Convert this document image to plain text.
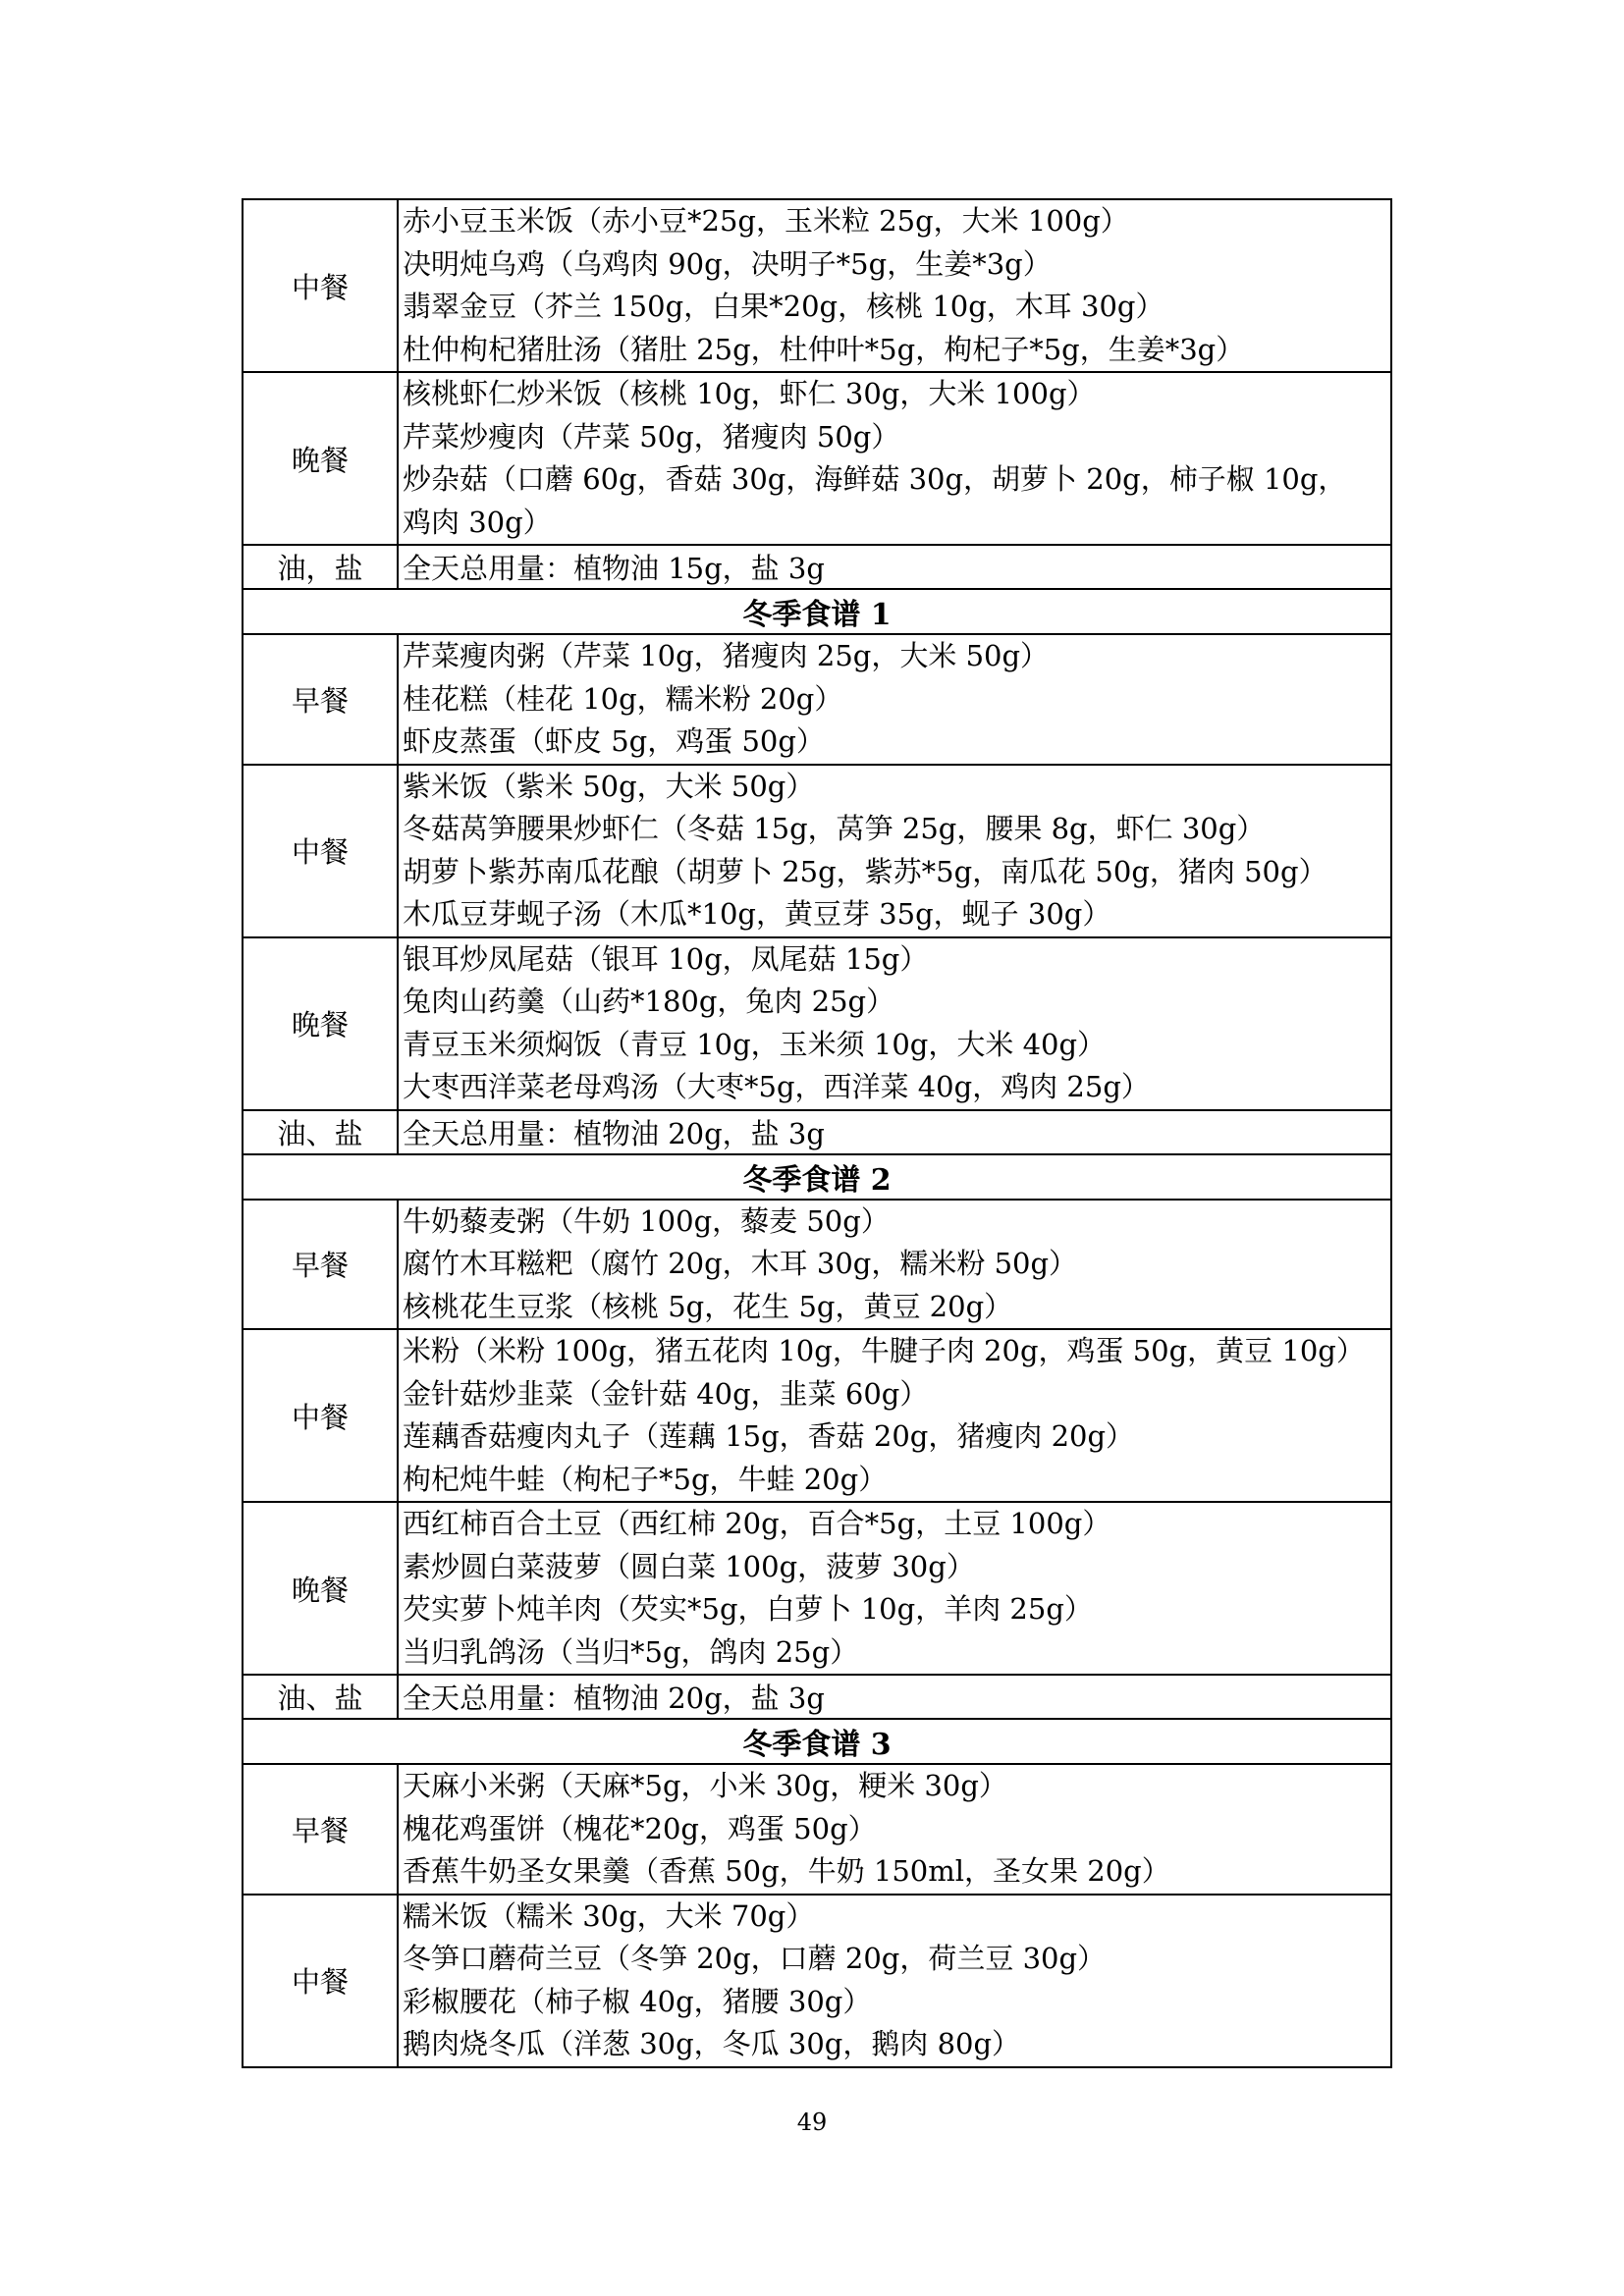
中餐	赤小豆玉米饭（赤小豆*25g，玉米粒 25g，大米 100g）
决明炖乌鸡（乌鸡肉 90g，决明子*5g，生姜*3g）
翡翠金豆（芥兰 150g，白果*20g，核桃 10g，木耳 30g）
杜仲枸杞猪肚汤（猪肚 25g，杜仲叶*5g，枸杞子*5g，生姜*3g）

晚餐	核桃虾仁炒米饭（核桃 10g，虾仁 30g，大米 100g）
芹菜炒瘦肉（芹菜 50g，猪瘦肉 50g）
炒杂菇（口蘑 60g，香菇 30g，海鲜菇 30g，胡萝卜 20g，柿子椒 10g，
鸡肉 30g）

油，盐	全天总用量：植物油 15g，盐 3g
冬季食谱 1	
早餐	芹菜瘦肉粥（芹菜 10g，猪瘦肉 25g，大米 50g）
桂花糕（桂花 10g，糯米粉 20g）
虾皮蒸蛋（虾皮 5g，鸡蛋 50g）

中餐	紫米饭（紫米 50g，大米 50g）
冬菇莴笋腰果炒虾仁（冬菇 15g，莴笋 25g，腰果 8g，虾仁 30g）
胡萝卜紫苏南瓜花酿（胡萝卜 25g，紫苏*5g，南瓜花 50g，猪肉 50g）
木瓜豆芽蚬子汤（木瓜*10g，黄豆芽 35g，蚬子 30g）

晚餐	银耳炒凤尾菇（银耳 10g，凤尾菇 15g）
兔肉山药羹（山药*180g，兔肉 25g）
青豆玉米须焖饭（青豆 10g，玉米须 10g，大米 40g）
大枣西洋菜老母鸡汤（大枣*5g，西洋菜 40g，鸡肉 25g）

油、盐	全天总用量：植物油 20g，盐 3g
冬季食谱 2	
早餐	牛奶藜麦粥（牛奶 100g，藜麦 50g）
腐竹木耳糍粑（腐竹 20g，木耳 30g，糯米粉 50g）
核桃花生豆浆（核桃 5g，花生 5g，黄豆 20g）

中餐	米粉（米粉 100g，猪五花肉 10g，牛腱子肉 20g，鸡蛋 50g，黄豆 10g）
金针菇炒韭菜（金针菇 40g，韭菜 60g）
莲藕香菇瘦肉丸子（莲藕 15g，香菇 20g，猪瘦肉 20g）
枸杞炖牛蛙（枸杞子*5g，牛蛙 20g）

晚餐	西红柿百合土豆（西红柿 20g，百合*5g，土豆 100g）
素炒圆白菜菠萝（圆白菜 100g，菠萝 30g）
芡实萝卜炖羊肉（芡实*5g，白萝卜 10g，羊肉 25g）
当归乳鸽汤（当归*5g，鸽肉 25g）

油、盐	全天总用量：植物油 20g，盐 3g
冬季食谱 3	
早餐	天麻小米粥（天麻*5g，小米 30g，粳米 30g）
槐花鸡蛋饼（槐花*20g，鸡蛋 50g）
香蕉牛奶圣女果羹（香蕉 50g，牛奶 150ml，圣女果 20g）

中餐	糯米饭（糯米 30g，大米 70g）
冬笋口蘑荷兰豆（冬笋 20g，口蘑 20g，荷兰豆 30g）
彩椒腰花（柿子椒 40g，猪腰 30g）
鹅肉烧冬瓜（洋葱 30g，冬瓜 30g，鹅肉 80g）
49
